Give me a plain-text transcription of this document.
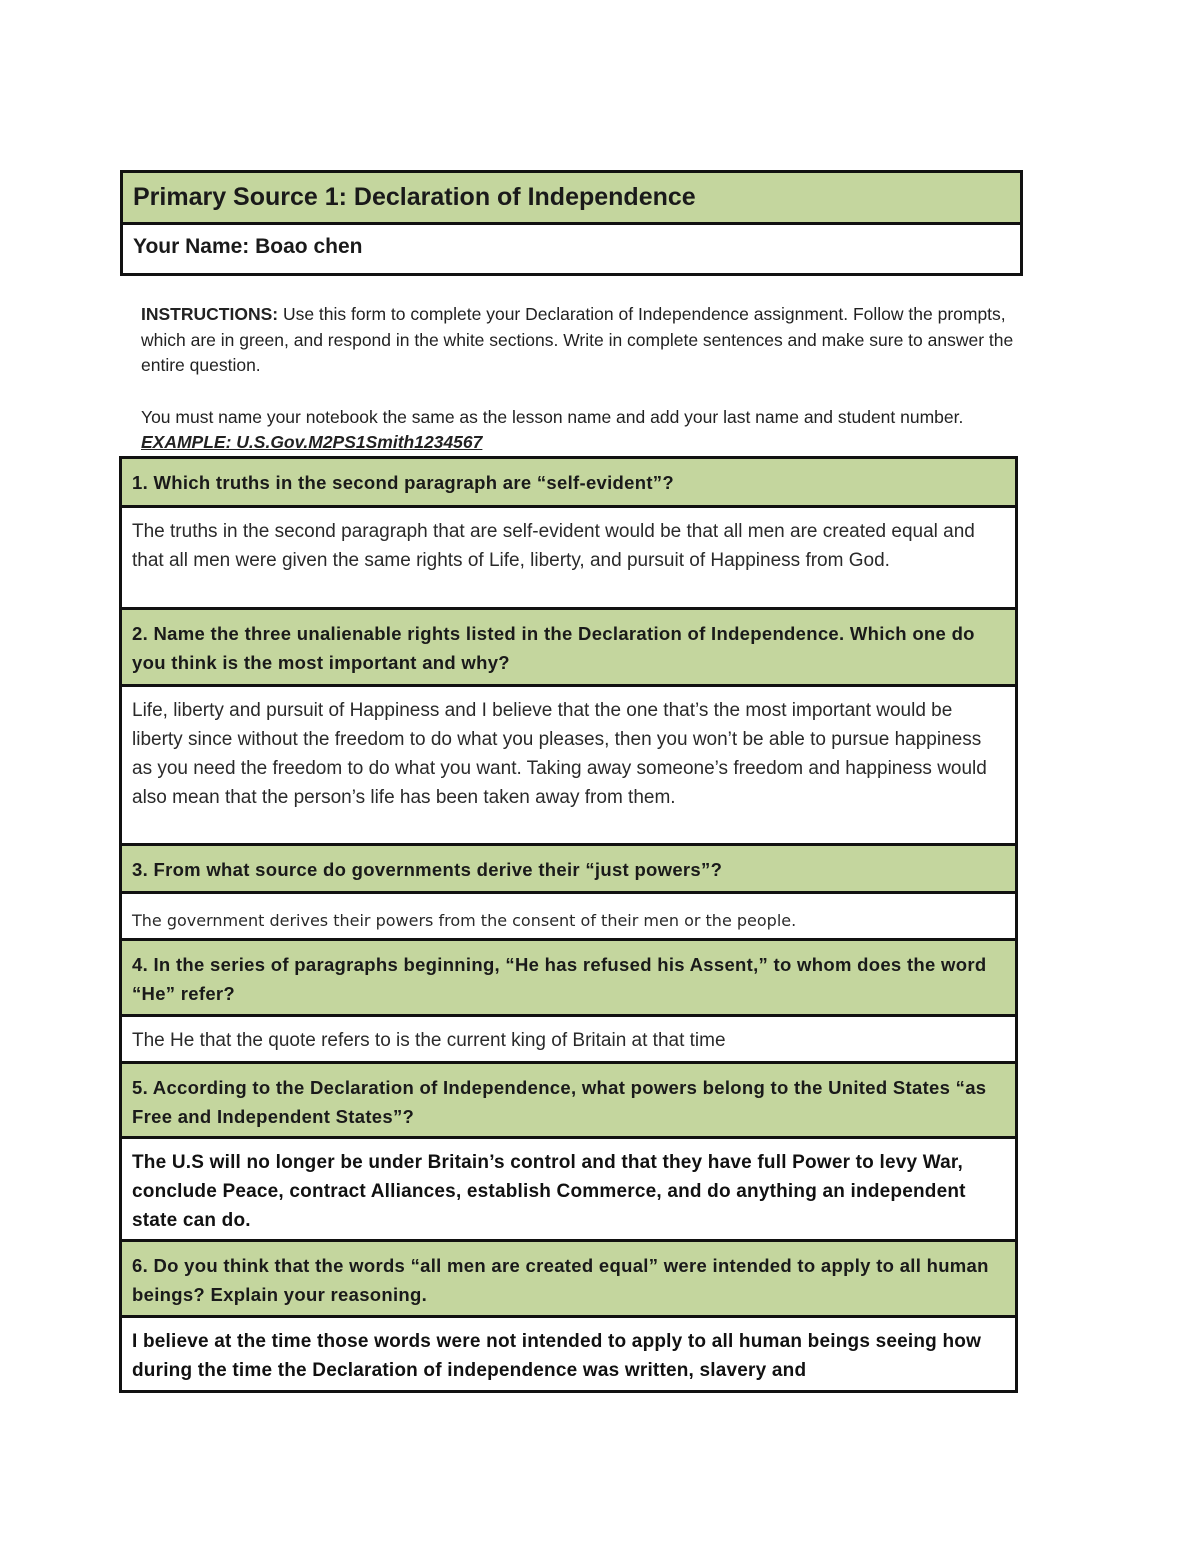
Primary Source 1: Declaration of Independence
Your Name: Boao chen

INSTRUCTIONS: Use this form to complete your Declaration of Independence assignment. Follow the prompts, which are in green, and respond in the white sections. Write in complete sentences and make sure to answer the entire question.

You must name your notebook the same as the lesson name and add your last name and student number. EXAMPLE: U.S.Gov.M2PS1Smith1234567

1. Which truths in the second paragraph are “self-evident”?
The truths in the second paragraph that are self-evident would be that all men are created equal and that all men were given the same rights of Life, liberty, and pursuit of Happiness from God.
2. Name the three unalienable rights listed in the Declaration of Independence. Which one do you think is the most important and why?
Life, liberty and pursuit of Happiness and I believe that the one that’s the most important would be liberty since without the freedom to do what you pleases, then you won’t be able to pursue happiness as you need the freedom to do what you want. Taking away someone’s freedom and happiness would also mean that the person’s life has been taken away from them.
3. From what source do governments derive their “just powers”?
The government derives their powers from the consent of their men or the people.
4. In the series of paragraphs beginning, “He has refused his Assent,” to whom does the word “He” refer?
The He that the quote refers to is the current king of Britain at that time
5. According to the Declaration of Independence, what powers belong to the United States “as Free and Independent States”?
The U.S will no longer be under Britain’s control and that they have full Power to levy War, conclude Peace, contract Alliances, establish Commerce, and do anything an independent state can do.
6. Do you think that the words “all men are created equal” were intended to apply to all human beings? Explain your reasoning.
I believe at the time those words were not intended to apply to all human beings seeing how during the time the Declaration of independence was written, slavery and
